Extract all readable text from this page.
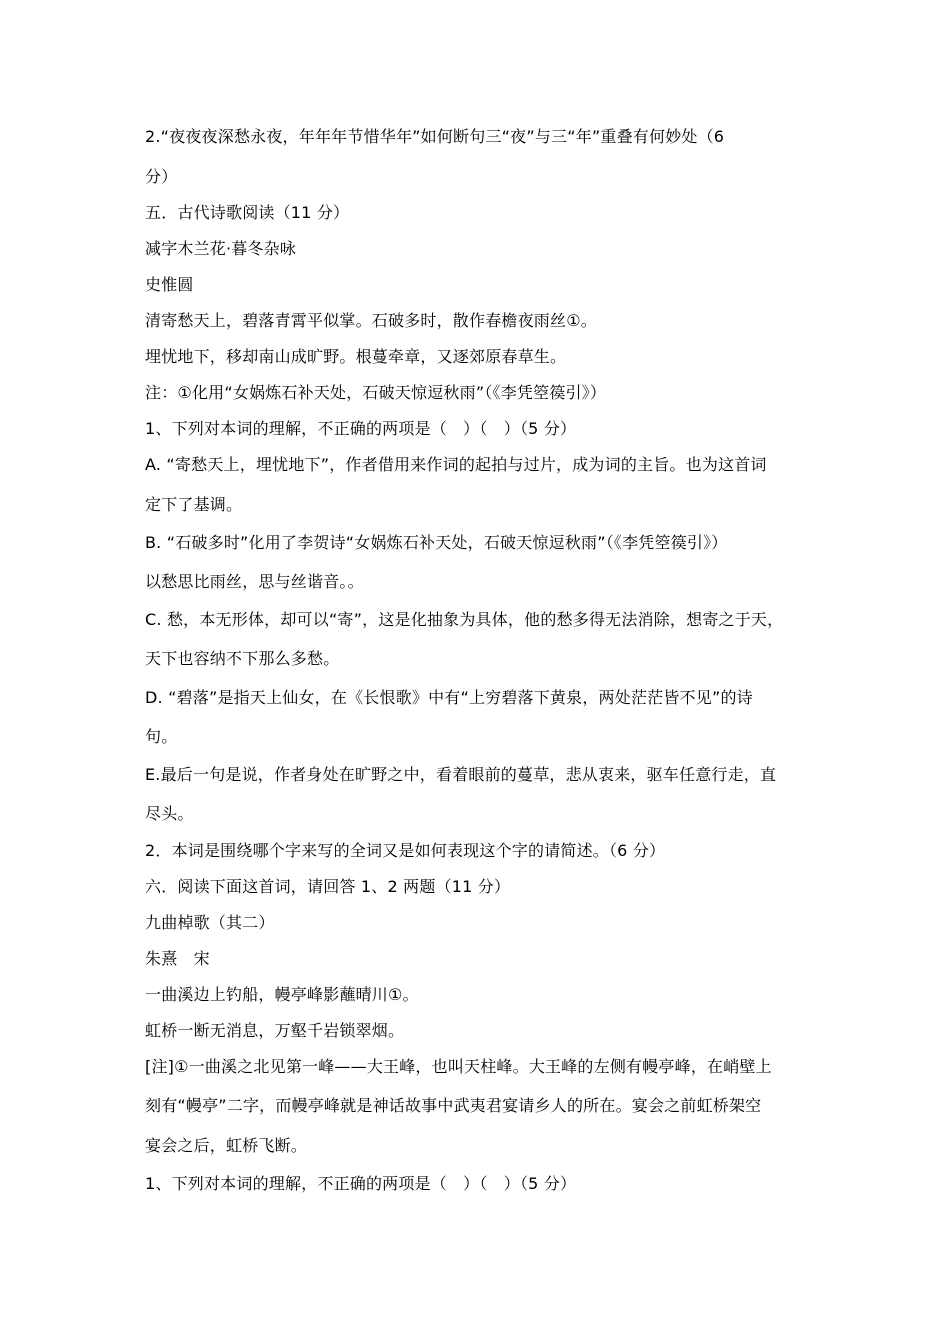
2.“夜夜夜深愁永夜，年年年节惜华年”如何断句三“夜”与三“年”重叠有何妙处（6
分）
五．古代诗歌阅读（11 分）
减字木兰花·暮冬杂咏
史惟圆
清寄愁天上，碧落青霄平似掌。石破多时，散作春檐夜雨丝①。
埋忧地下，移却南山成旷野。根蔓牵章，又逐郊原春草生。
注：①化用“女娲炼石补天处，石破天惊逗秋雨”（《李凭箜篌引》）
1、下列对本词的理解，不正确的两项是（　）（　）（5 分）
A. “寄愁天上，埋忧地下”，作者借用来作词的起拍与过片，成为词的主旨。也为这首词
定下了基调。
B. “石破多时”化用了李贺诗“女娲炼石补天处，石破天惊逗秋雨”（《李凭箜篌引》）
以愁思比雨丝，思与丝谐音。。
C. 愁，本无形体，却可以“寄”，这是化抽象为具体，他的愁多得无法消除，想寄之于天，
天下也容纳不下那么多愁。
D. “碧落”是指天上仙女，在《长恨歌》中有“上穷碧落下黄泉，两处茫茫皆不见”的诗
句。
E.最后一句是说，作者身处在旷野之中，看着眼前的蔓草，悲从衷来，驱车任意行走，直
尽头。
2．本词是围绕哪个字来写的全词又是如何表现这个字的请简述。（6 分）
六．阅读下面这首词，请回答 1、2 两题（11 分）
九曲棹歌（其二）
朱熹　宋
一曲溪边上钓船，幔亭峰影蘸晴川①。
虹桥一断无消息，万壑千岩锁翠烟。
[注]①一曲溪之北见第一峰——大王峰，也叫天柱峰。大王峰的左侧有幔亭峰，在峭壁上
刻有“幔亭”二字，而幔亭峰就是神话故事中武夷君宴请乡人的所在。宴会之前虹桥架空
宴会之后，虹桥飞断。
1、下列对本词的理解，不正确的两项是（　）（　）（5 分）
